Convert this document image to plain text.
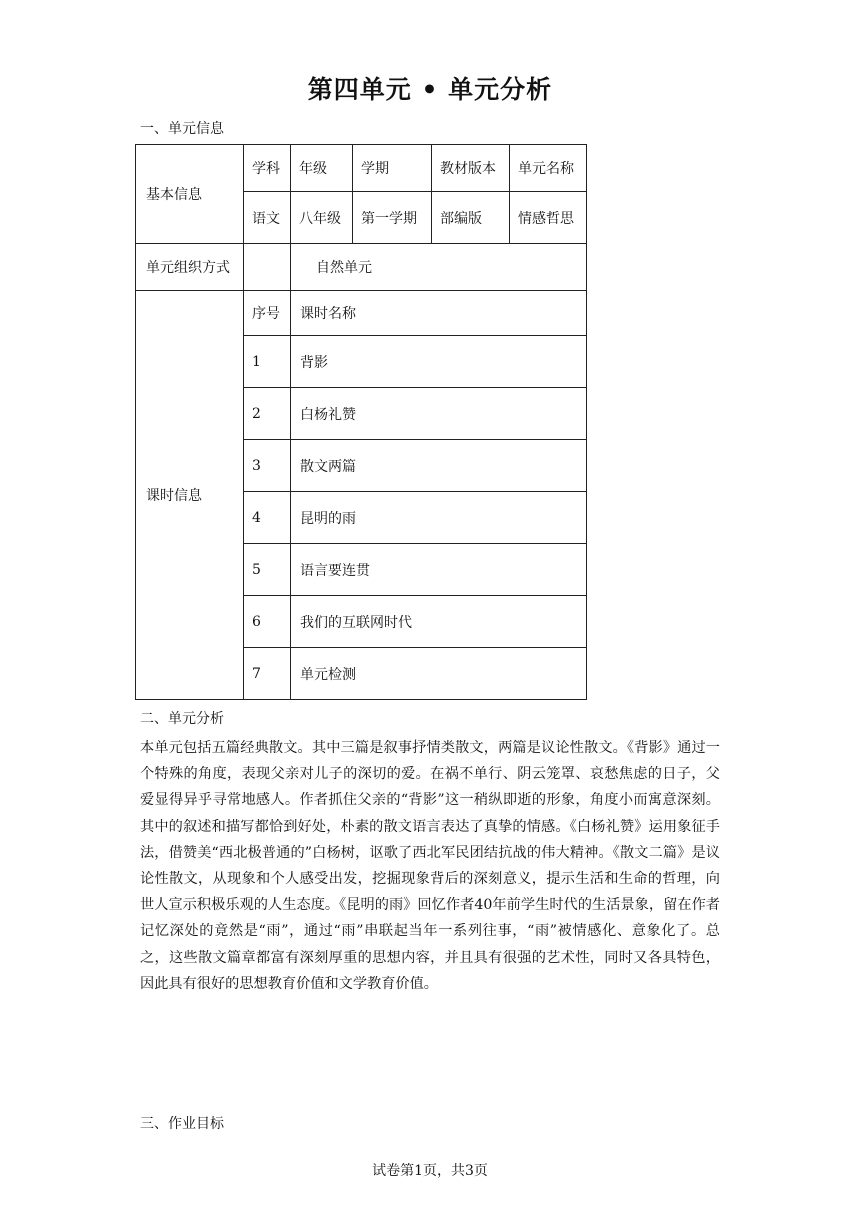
第四单元 • 单元分析
一、单元信息
基本信息	学科	年级	学期	教材版本	单元名称
	语文	八年级	第一学期	部编版	情感哲思
单元组织方式		自然单元			
课时信息	序号	课时名称			
	1	背影			
	2	白杨礼赞			
	3	散文两篇			
	4	昆明的雨			
	5	语言要连贯			
	6	我们的互联网时代			
	7	单元检测			
二、单元分析

本单元包括五篇经典散文。其中三篇是叙事抒情类散文，两篇是议论性散文。《背影》通过一个特殊的角度，表现父亲对儿子的深切的爱。在祸不单行、阴云笼罩、哀愁焦虑的日子，父爱显得异乎寻常地感人。作者抓住父亲的“背影”这一稍纵即逝的形象，角度小而寓意深刻。其中的叙述和描写都恰到好处，朴素的散文语言表达了真挚的情感。《白杨礼赞》运用象征手法，借赞美“西北极普通的”白杨树，讴歌了西北军民团结抗战的伟大精神。《散文二篇》是议论性散文，从现象和个人感受出发，挖掘现象背后的深刻意义，提示生活和生命的哲理，向世人宣示积极乐观的人生态度。《昆明的雨》回忆作者40年前学生时代的生活景象，留在作者记忆深处的竟然是“雨”，通过“雨”串联起当年一系列往事，“雨”被情感化、意象化了。总之，这些散文篇章都富有深刻厚重的思想内容，并且具有很强的艺术性，同时又各具特色，因此具有很好的思想教育价值和文学教育价值。

三、作业目标
试卷第1页，共3页
